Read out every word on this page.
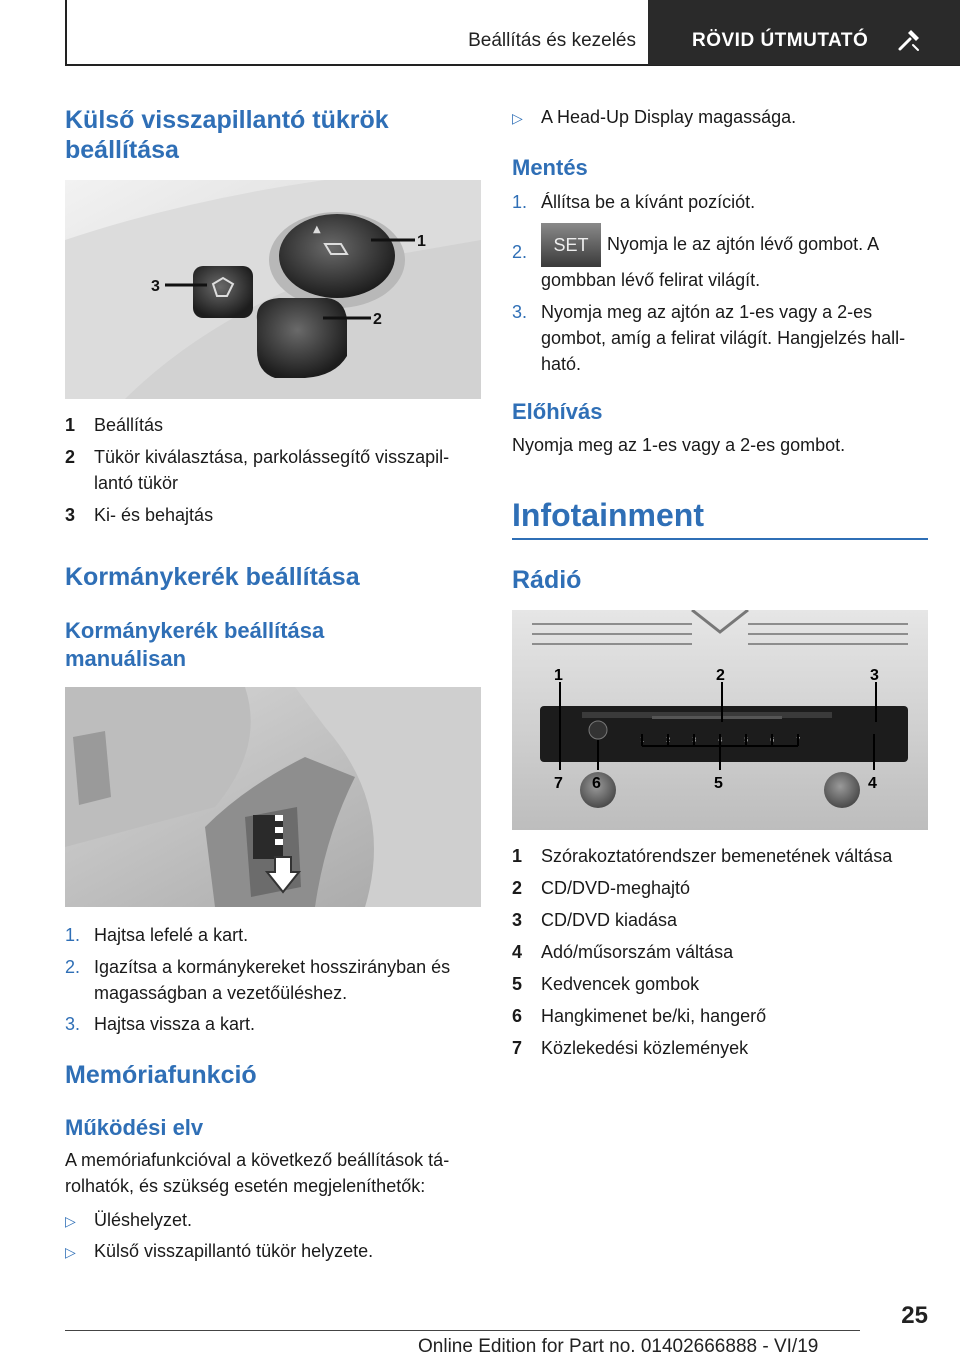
Beállítás és kezelés	RÖVID ÚTMUTATÓ
Külső visszapillantó tükrök beállítása
▲
1
2
3
1	Beállítás
2	Tükör kiválasztása, parkolássegítő visszapil-lantó tükör
3	Ki- és behajtás
Kormánykerék beállítása
Kormánykerék beállítása manuálisan
1. Hajtsa lefelé a kart.
2. Igazítsa a kormánykereket hosszirányban és magasságban a vezetőüléshez.
3. Hajtsa vissza a kart.
Memóriafunkció
Működési elv

A memóriafunkcióval a következő beállítások tá-rolhatók, és szükség esetén megjeleníthetők:

▷	Üléshelyzet.
▷	Külső visszapillantó tükör helyzete.
▷	A Head-Up Display magassága.
Mentés
1. Állítsa be a kívánt pozíciót.
2.	SET Nyomja le az ajtón lévő gombot. A gombban lévő felirat világít.
3. Nyomja meg az ajtón az 1-es vagy a 2-es gombot, amíg a felirat világít. Hangjelzés hall-ható.
Előhívás

Nyomja meg az 1-es vagy a 2-es gombot.

Infotainment
Rádió
1	2	3	4	5	6	7
1	2	3
4
5
6
7
1	Szórakoztatórendszer bemenetének váltása
2	CD/DVD-meghajtó
3	CD/DVD kiadása
4	Adó/műsorszám váltása
5	Kedvencek gombok
6	Hangkimenet be/ki, hangerő
7	Közlekedési közlemények
25
Online Edition for Part no. 01402666888 - VI/19
